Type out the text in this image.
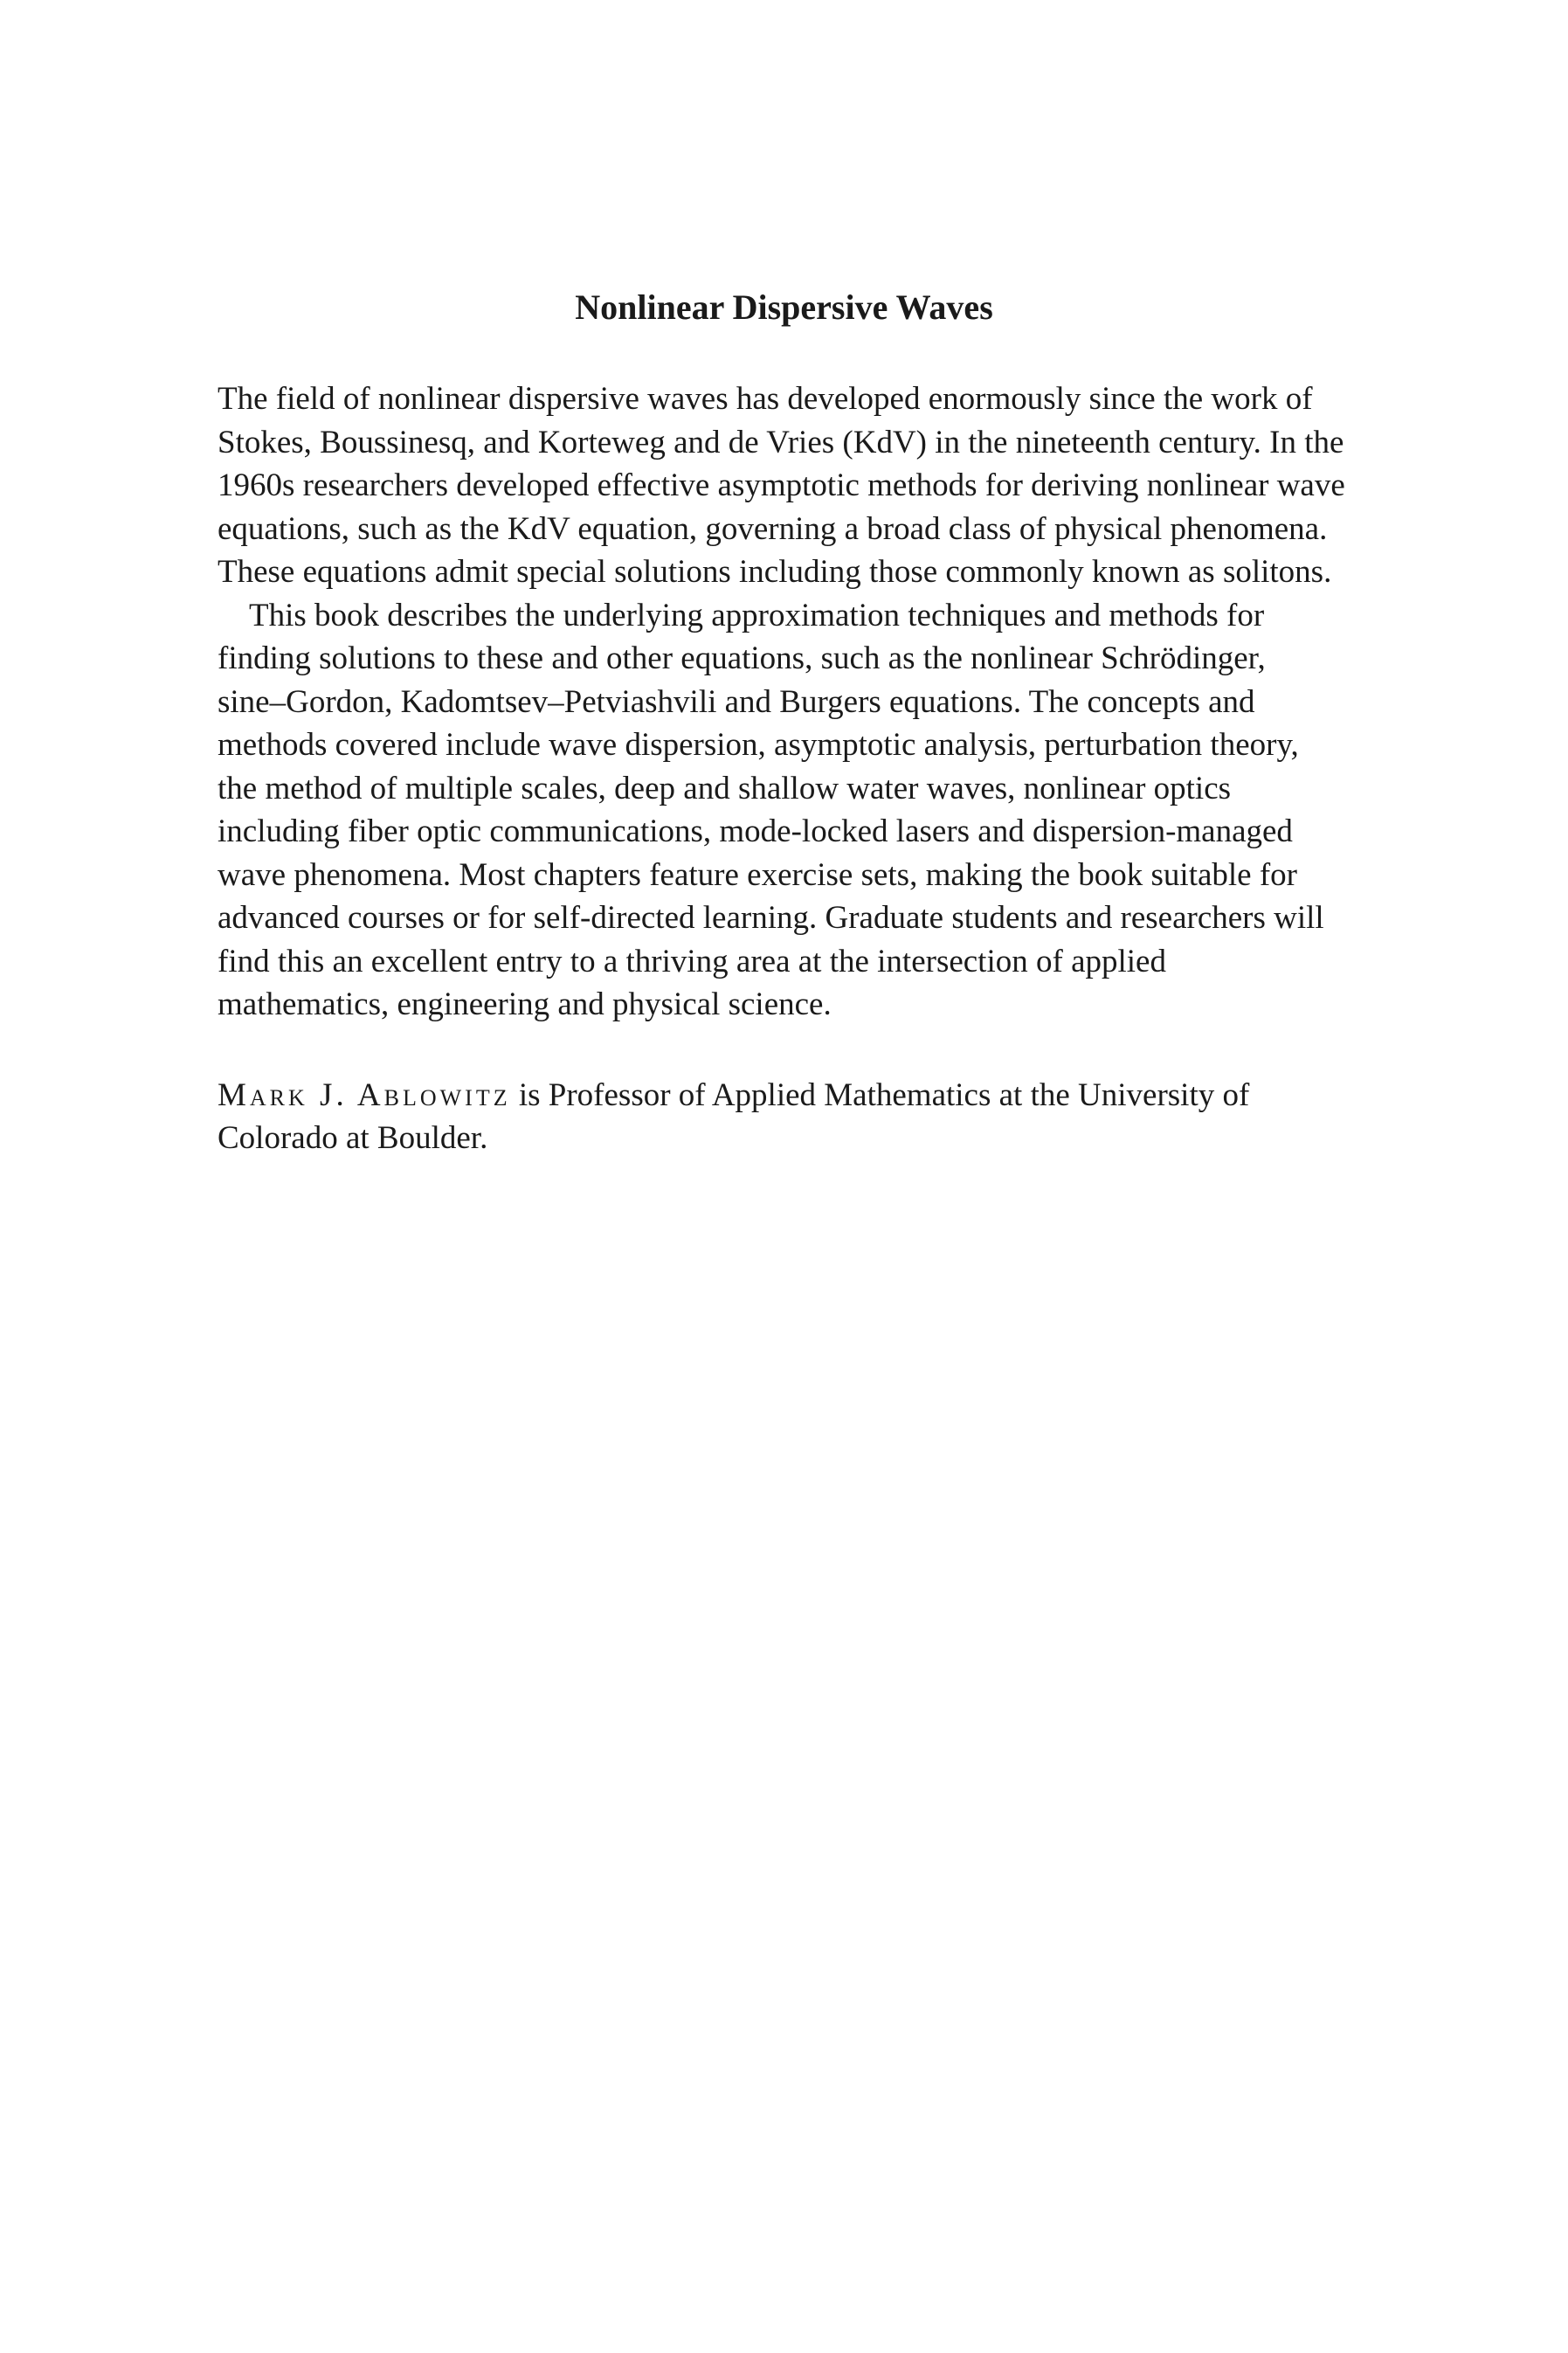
Nonlinear Dispersive Waves

The field of nonlinear dispersive waves has developed enormously since the work of
Stokes, Boussinesq, and Korteweg and de Vries (KdV) in the nineteenth century. In the
1960s researchers developed effective asymptotic methods for deriving nonlinear wave
equations, such as the KdV equation, governing a broad class of physical phenomena.
These equations admit special solutions including those commonly known as solitons.

This book describes the underlying approximation techniques and methods for
finding solutions to these and other equations, such as the nonlinear Schrödinger,
sine–Gordon, Kadomtsev–Petviashvili and Burgers equations. The concepts and
methods covered include wave dispersion, asymptotic analysis, perturbation theory,
the method of multiple scales, deep and shallow water waves, nonlinear optics
including fiber optic communications, mode-locked lasers and dispersion-managed
wave phenomena. Most chapters feature exercise sets, making the book suitable for
advanced courses or for self-directed learning. Graduate students and researchers will
find this an excellent entry to a thriving area at the intersection of applied
mathematics, engineering and physical science.

Mark J. Ablowitz is Professor of Applied Mathematics at the University of
Colorado at Boulder.
